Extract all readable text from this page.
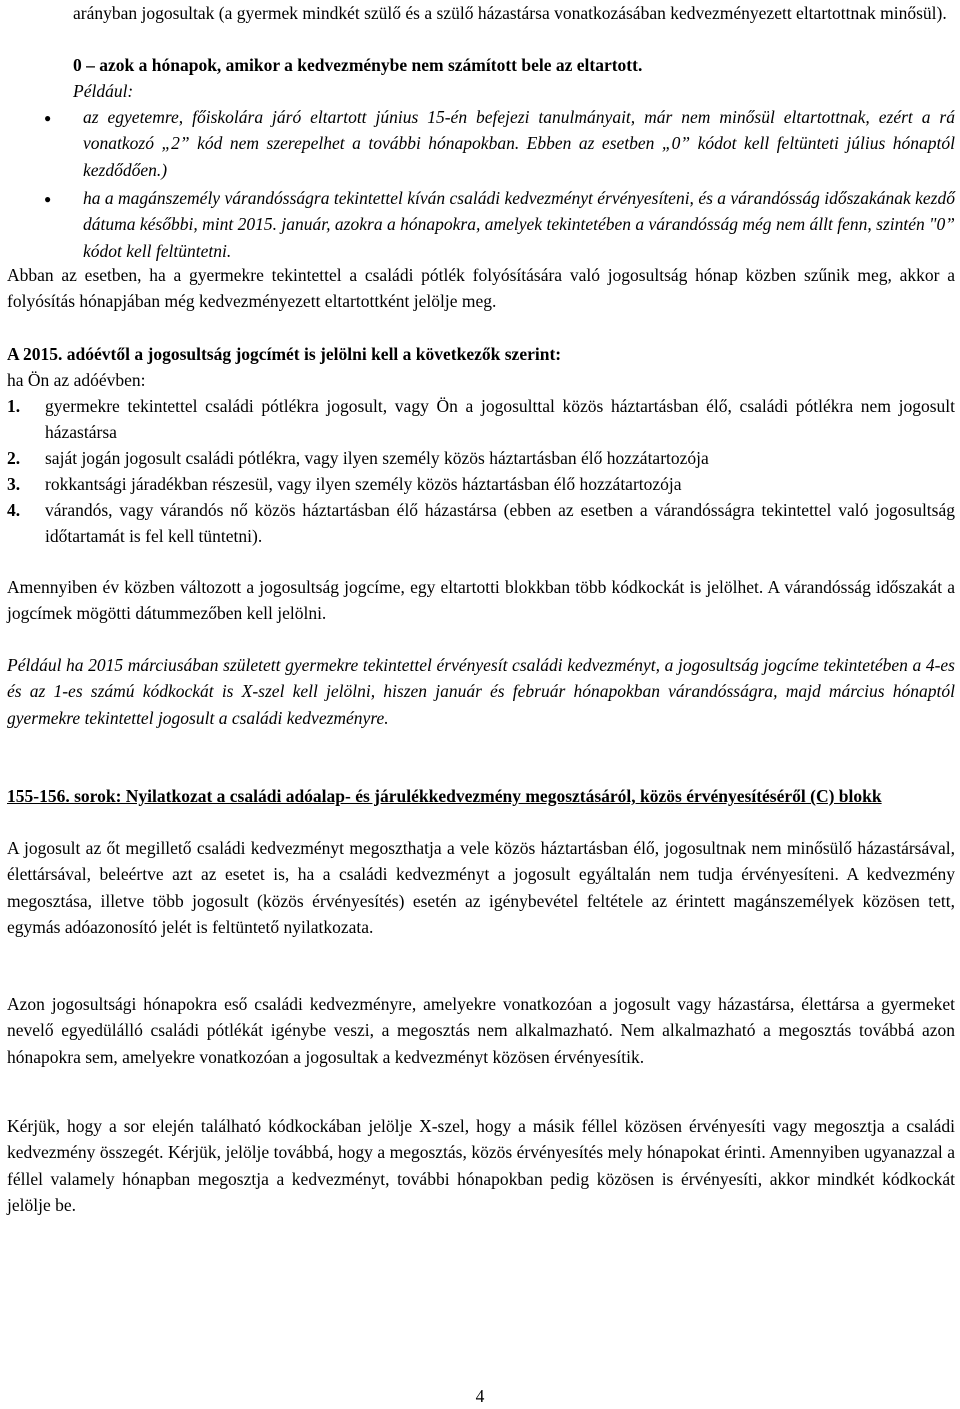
arányban jogosultak (a gyermek mindkét szülő és a szülő házastársa vonatkozásában kedvezményezett eltartottnak minősül).

0 – azok a hónapok, amikor a kedvezménybe nem számított bele az eltartott.

Például:

● az egyetemre, főiskolára járó eltartott június 15-én befejezi tanulmányait, már nem minősül eltartottnak, ezért a rá vonatkozó „2” kód nem szerepelhet a további hónapokban. Ebben az esetben „0” kódot kell feltünteti július hónaptól kezdődően.)

● ha a magánszemély várandósságra tekintettel kíván családi kedvezményt érvényesíteni, és a várandósság időszakának kezdő dátuma későbbi, mint 2015. január, azokra a hónapokra, amelyek tekintetében a várandósság még nem állt fenn, szintén "0” kódot kell feltüntetni.

Abban az esetben, ha a gyermekre tekintettel a családi pótlék folyósítására való jogosultság hónap közben szűnik meg, akkor a folyósítás hónapjában még kedvezményezett eltartottként jelölje meg.

A 2015. adóévtől a jogosultság jogcímét is jelölni kell a következők szerint:

ha Ön az adóévben:

1. gyermekre tekintettel családi pótlékra jogosult, vagy Ön a jogosulttal közös háztartásban élő, családi pótlékra nem jogosult házastársa

2. saját jogán jogosult családi pótlékra, vagy ilyen személy közös háztartásban élő hozzátartozója

3. rokkantsági járadékban részesül, vagy ilyen személy közös háztartásban élő hozzátartozója

4. várandós, vagy várandós nő közös háztartásban élő házastársa (ebben az esetben a várandósságra tekintettel való jogosultság időtartamát is fel kell tüntetni).

Amennyiben év közben változott a jogosultság jogcíme, egy eltartotti blokkban több kódkockát is jelölhet. A várandósság időszakát a jogcímek mögötti dátummezőben kell jelölni.

Például ha 2015 márciusában született gyermekre tekintettel érvényesít családi kedvezményt, a jogosultság jogcíme tekintetében a 4-es és az 1-es számú kódkockát is X-szel kell jelölni, hiszen január és február hónapokban várandósságra, majd március hónaptól gyermekre tekintettel jogosult a családi kedvezményre.

155-156. sorok: Nyilatkozat a családi adóalap- és járulékkedvezmény megosztásáról, közös érvényesítéséről (C) blokk

A jogosult az őt megillető családi kedvezményt megoszthatja a vele közös háztartásban élő, jogosultnak nem minősülő házastársával, élettársával, beleértve azt az esetet is, ha a családi kedvezményt a jogosult egyáltalán nem tudja érvényesíteni. A kedvezmény megosztása, illetve több jogosult (közös érvényesítés) esetén az igénybevétel feltétele az érintett magánszemélyek közösen tett, egymás adóazonosító jelét is feltüntető nyilatkozata.

Azon jogosultsági hónapokra eső családi kedvezményre, amelyekre vonatkozóan a jogosult vagy házastársa, élettársa a gyermeket nevelő egyedülálló családi pótlékát igénybe veszi, a megosztás nem alkalmazható. Nem alkalmazható a megosztás továbbá azon hónapokra sem, amelyekre vonatkozóan a jogosultak a kedvezményt közösen érvényesítik.

Kérjük, hogy a sor elején található kódkockában jelölje X-szel, hogy a másik féllel közösen érvényesíti vagy megosztja a családi kedvezmény összegét. Kérjük, jelölje továbbá, hogy a megosztás, közös érvényesítés mely hónapokat érinti. Amennyiben ugyanazzal a féllel valamely hónapban megosztja a kedvezményt, további hónapokban pedig közösen is érvényesíti, akkor mindkét kódkockát jelölje be.

4
